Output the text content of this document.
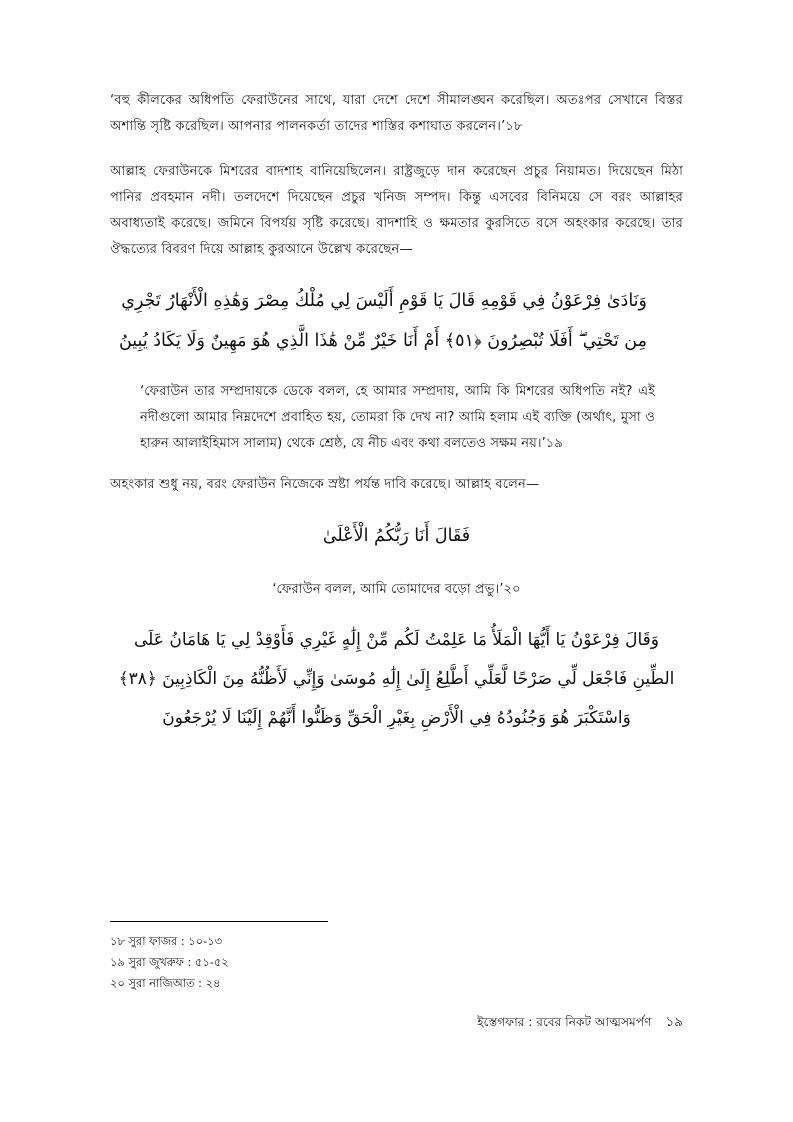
‘বহু কীলকের অধিপতি ফেরাউনের সাথে, যারা দেশে দেশে সীমালঙ্ঘন করেছিল। অতঃপর সেখানে বিস্তর অশান্তি সৃষ্টি করেছিল। আপনার পালনকর্তা তাদের শাস্তির কশাঘাত করলেন।’১৮

আল্লাহ ফেরাউনকে মিশরের বাদশাহ বানিয়েছিলেন। রাষ্ট্রজুড়ে দান করেছেন প্রচুর নিয়ামত। দিয়েছেন মিঠা পানির প্রবহমান নদী। তলদেশে দিয়েছেন প্রচুর খনিজ সম্পদ। কিন্তু এসবের বিনিময়ে সে বরং আল্লাহর অবাধ্যতাই করেছে। জমিনে বিপর্যয় সৃষ্টি করেছে। বাদশাহি ও ক্ষমতার কুরসিতে বসে অহংকার করেছে। তার ঔদ্ধত্যের বিবরণ দিয়ে আল্লাহ কুরআনে উল্লেখ করেছেন—

وَنَادَىٰ فِرْعَوْنُ فِي قَوْمِهِ قَالَ يَا قَوْمِ أَلَيْسَ لِي مُلْكُ مِصْرَ وَهَٰذِهِ الْأَنْهَارُ تَجْرِي
مِن تَحْتِي ۖ أَفَلَا تُبْصِرُونَ ﴿٥١﴾ أَمْ أَنَا خَيْرٌ مِّنْ هَٰذَا الَّذِي هُوَ مَهِينٌ وَلَا يَكَادُ يُبِينُ

‘ফেরাউন তার সম্প্রদায়কে ডেকে বলল, হে আমার সম্প্রদায়, আমি কি মিশরের অধিপতি নই? এই নদীগুলো আমার নিম্নদেশে প্রবাহিত হয়, তোমরা কি দেখ না? আমি হলাম এই ব্যক্তি (অর্থাৎ, মুসা ও হারুন আলাইহিমাস সালাম) থেকে শ্রেষ্ঠ, যে নীচ এবং কথা বলতেও সক্ষম নয়।’১৯

অহংকার শুধু নয়, বরং ফেরাউন নিজেকে স্রষ্টা পর্যন্ত দাবি করেছে। আল্লাহ বলেন—

فَقَالَ أَنَا رَبُّكُمُ الْأَعْلَىٰ

‘ফেরাউন বলল, আমি তোমাদের বড়ো প্রভু।’২০

وَقَالَ فِرْعَوْنُ يَا أَيُّهَا الْمَلَأُ مَا عَلِمْتُ لَكُم مِّنْ إِلَٰهٍ غَيْرِي فَأَوْقِدْ لِي يَا هَامَانُ عَلَى
الطِّينِ فَاجْعَل لِّي صَرْحًا لَّعَلِّي أَطَّلِعُ إِلَىٰ إِلَٰهِ مُوسَىٰ وَإِنِّي لَأَظُنُّهُ مِنَ الْكَاذِبِينَ ﴿٣٨﴾
وَاسْتَكْبَرَ هُوَ وَجُنُودُهُ فِي الْأَرْضِ بِغَيْرِ الْحَقِّ وَظَنُّوا أَنَّهُمْ إِلَيْنَا لَا يُرْجَعُونَ
১৮ সুরা ফাজর : ১০-১৩
১৯ সুরা জুখরুফ : ৫১-৫২
২০ সুরা নাজিআত : ২৪
ইস্তেগফার : রবের নিকট আত্মসমর্পণ ১৯
